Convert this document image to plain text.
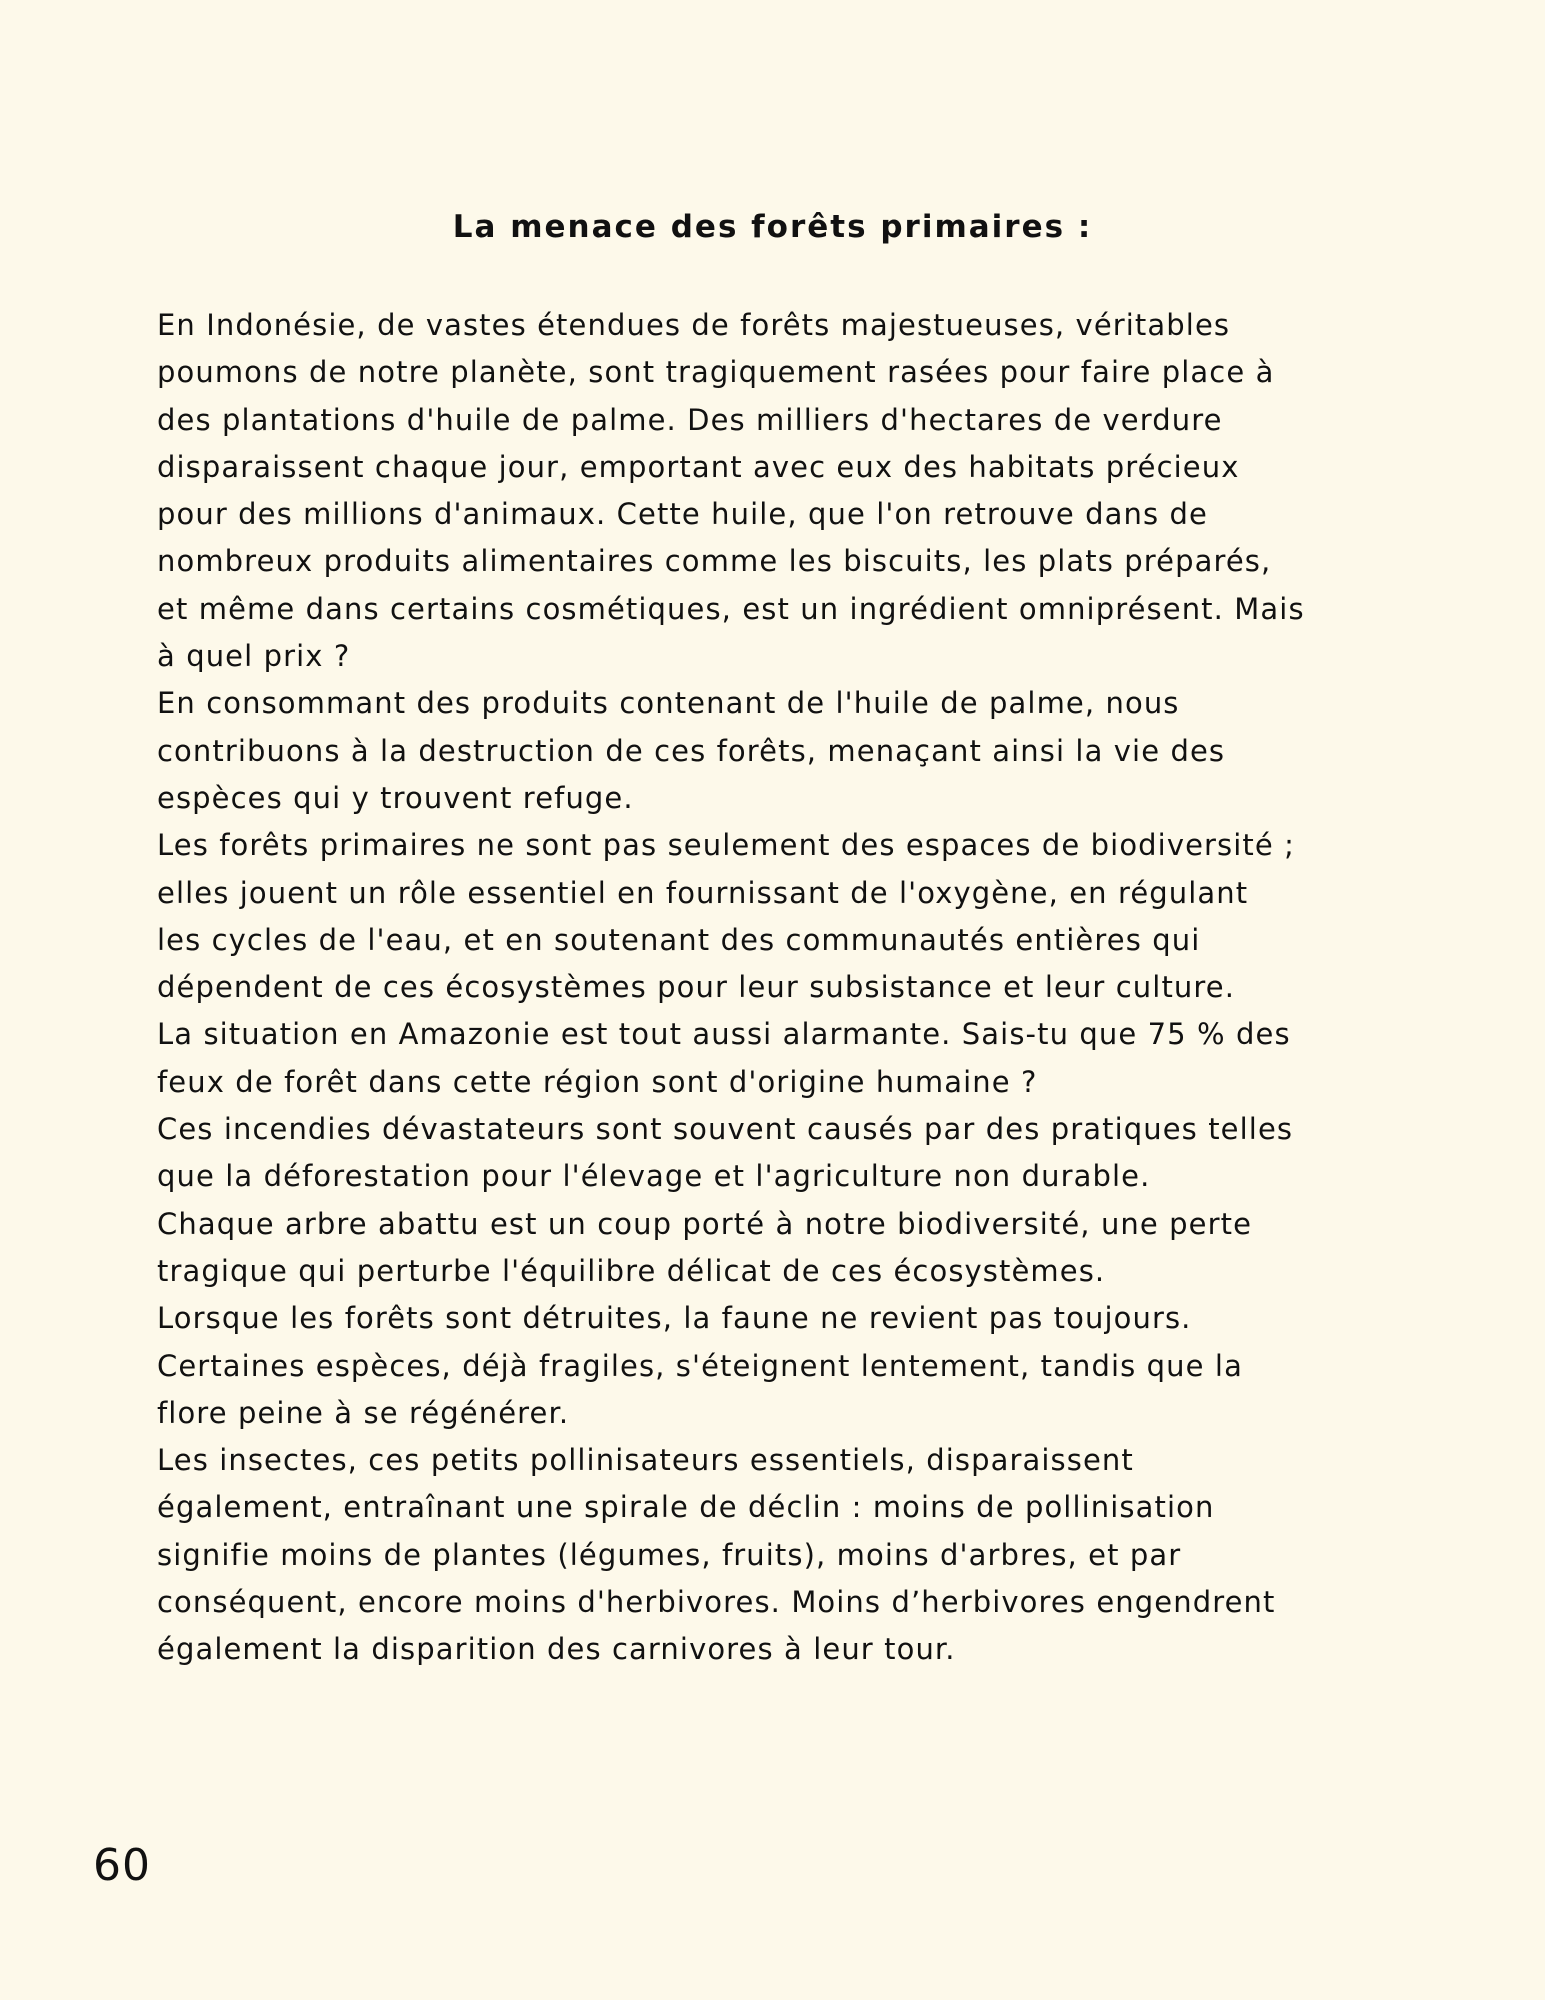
La menace des forêts primaires :
En Indonésie, de vastes étendues de forêts majestueuses, véritables
poumons de notre planète, sont tragiquement rasées pour faire place à
des plantations d'huile de palme. Des milliers d'hectares de verdure
disparaissent chaque jour, emportant avec eux des habitats précieux
pour des millions d'animaux. Cette huile, que l'on retrouve dans de
nombreux produits alimentaires comme les biscuits, les plats préparés,
et même dans certains cosmétiques, est un ingrédient omniprésent. Mais
à quel prix ?
En consommant des produits contenant de l'huile de palme, nous
contribuons à la destruction de ces forêts, menaçant ainsi la vie des
espèces qui y trouvent refuge.
Les forêts primaires ne sont pas seulement des espaces de biodiversité ;
elles jouent un rôle essentiel en fournissant de l'oxygène, en régulant
les cycles de l'eau, et en soutenant des communautés entières qui
dépendent de ces écosystèmes pour leur subsistance et leur culture.
La situation en Amazonie est tout aussi alarmante. Sais-tu que 75 % des
feux de forêt dans cette région sont d'origine humaine ?
Ces incendies dévastateurs sont souvent causés par des pratiques telles
que la déforestation pour l'élevage et l'agriculture non durable.
Chaque arbre abattu est un coup porté à notre biodiversité, une perte
tragique qui perturbe l'équilibre délicat de ces écosystèmes.
Lorsque les forêts sont détruites, la faune ne revient pas toujours.
Certaines espèces, déjà fragiles, s'éteignent lentement, tandis que la
flore peine à se régénérer.
Les insectes, ces petits pollinisateurs essentiels, disparaissent
également, entraînant une spirale de déclin : moins de pollinisation
signifie moins de plantes (légumes, fruits), moins d'arbres, et par
conséquent, encore moins d'herbivores. Moins d’herbivores engendrent
également la disparition des carnivores à leur tour.
60
